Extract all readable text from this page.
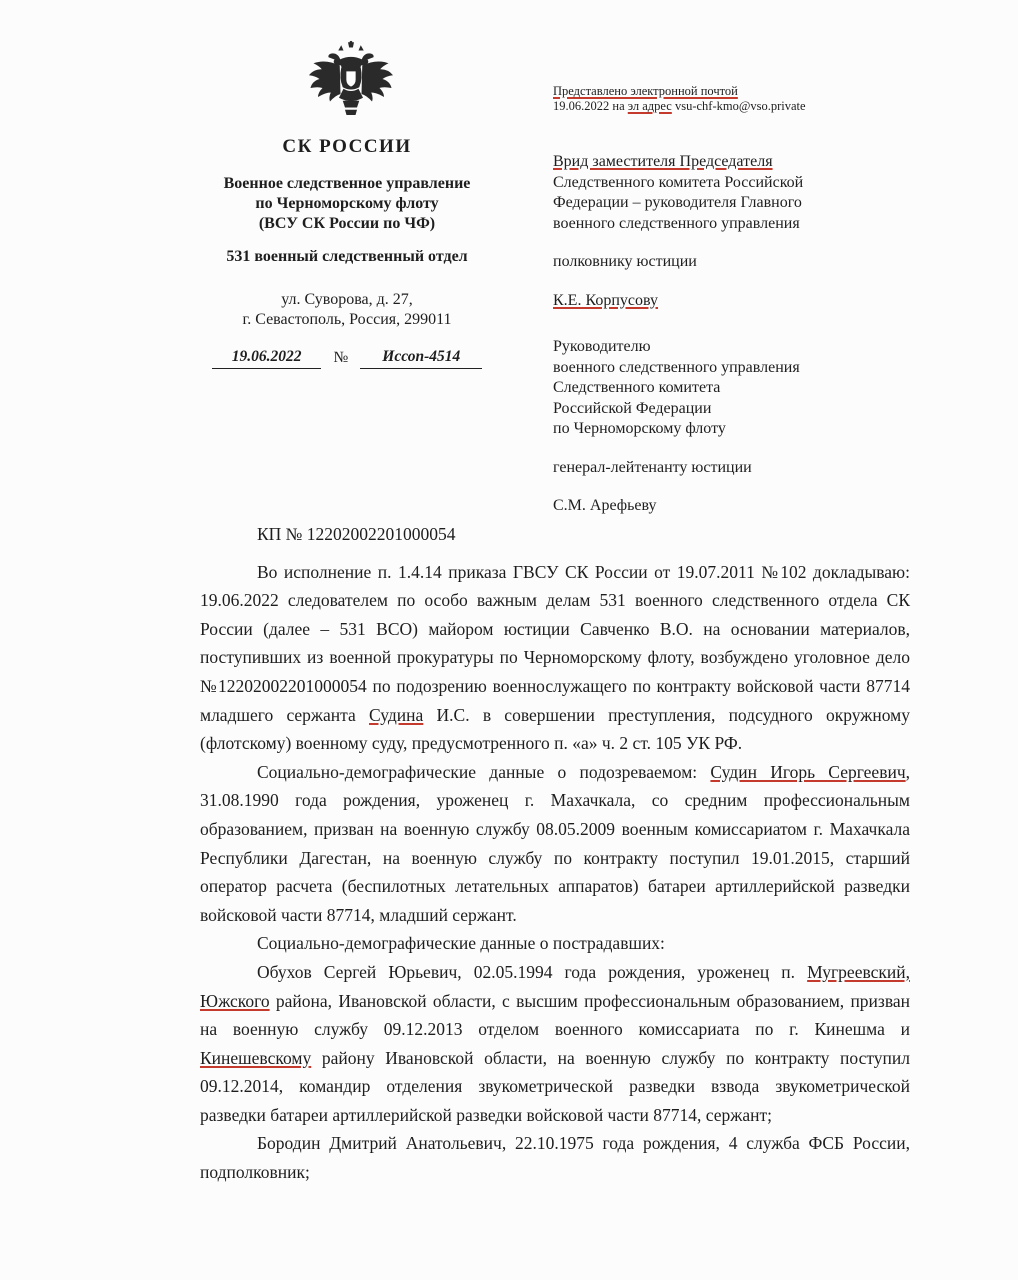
СК РОССИИ
Военное следственное управление
по Черноморскому флоту
(ВСУ СК России по ЧФ)
531 военный следственный отдел
ул. Суворова, д. 27,
г. Севастополь, Россия, 299011
19.06.2022	№	Иссоп-4514
Представлено электронной почтой
19.06.2022 на эл адрес vsu-chf-kmo@vso.private
Врид заместителя Председателя
Следственного комитета Российской
Федерации – руководителя Главного
военного следственного управления
полковнику юстиции
К.Е. Корпусову
Руководителю
военного следственного управления
Следственного комитета
Российской Федерации
по Черноморскому флоту
генерал-лейтенанту юстиции
С.М. Арефьеву

КП № 12202002201000054

Во исполнение п. 1.4.14 приказа ГВСУ СК России от 19.07.2011 №102 докладываю: 19.06.2022 следователем по особо важным делам 531 военного следственного отдела СК России (далее – 531 ВСО) майором юстиции Савченко В.О. на основании материалов, поступивших из военной прокуратуры по Черноморскому флоту, возбуждено уголовное дело №12202002201000054 по подозрению военнослужащего по контракту войсковой части 87714 младшего сержанта Судина И.С. в совершении преступления, подсудного окружному (флотскому) военному суду, предусмотренного п. «а» ч. 2 ст. 105 УК РФ.

Социально-демографические данные о подозреваемом: Судин Игорь Сергеевич, 31.08.1990 года рождения, уроженец г. Махачкала, со средним профессиональным образованием, призван на военную службу 08.05.2009 военным комиссариатом г. Махачкала Республики Дагестан, на военную службу по контракту поступил 19.01.2015, старший оператор расчета (беспилотных летательных аппаратов) батареи артиллерийской разведки войсковой части 87714, младший сержант.

Социально-демографические данные о пострадавших:

Обухов Сергей Юрьевич, 02.05.1994 года рождения, уроженец п. Мугреевский, Южского района, Ивановской области, с высшим профессиональным образованием, призван на военную службу 09.12.2013 отделом военного комиссариата по г. Кинешма и Кинешевскому району Ивановской области, на военную службу по контракту поступил 09.12.2014, командир отделения звукометрической разведки взвода звукометрической разведки батареи артиллерийской разведки войсковой части 87714, сержант;

Бородин Дмитрий Анатольевич, 22.10.1975 года рождения, 4 служба ФСБ России, подполковник;
